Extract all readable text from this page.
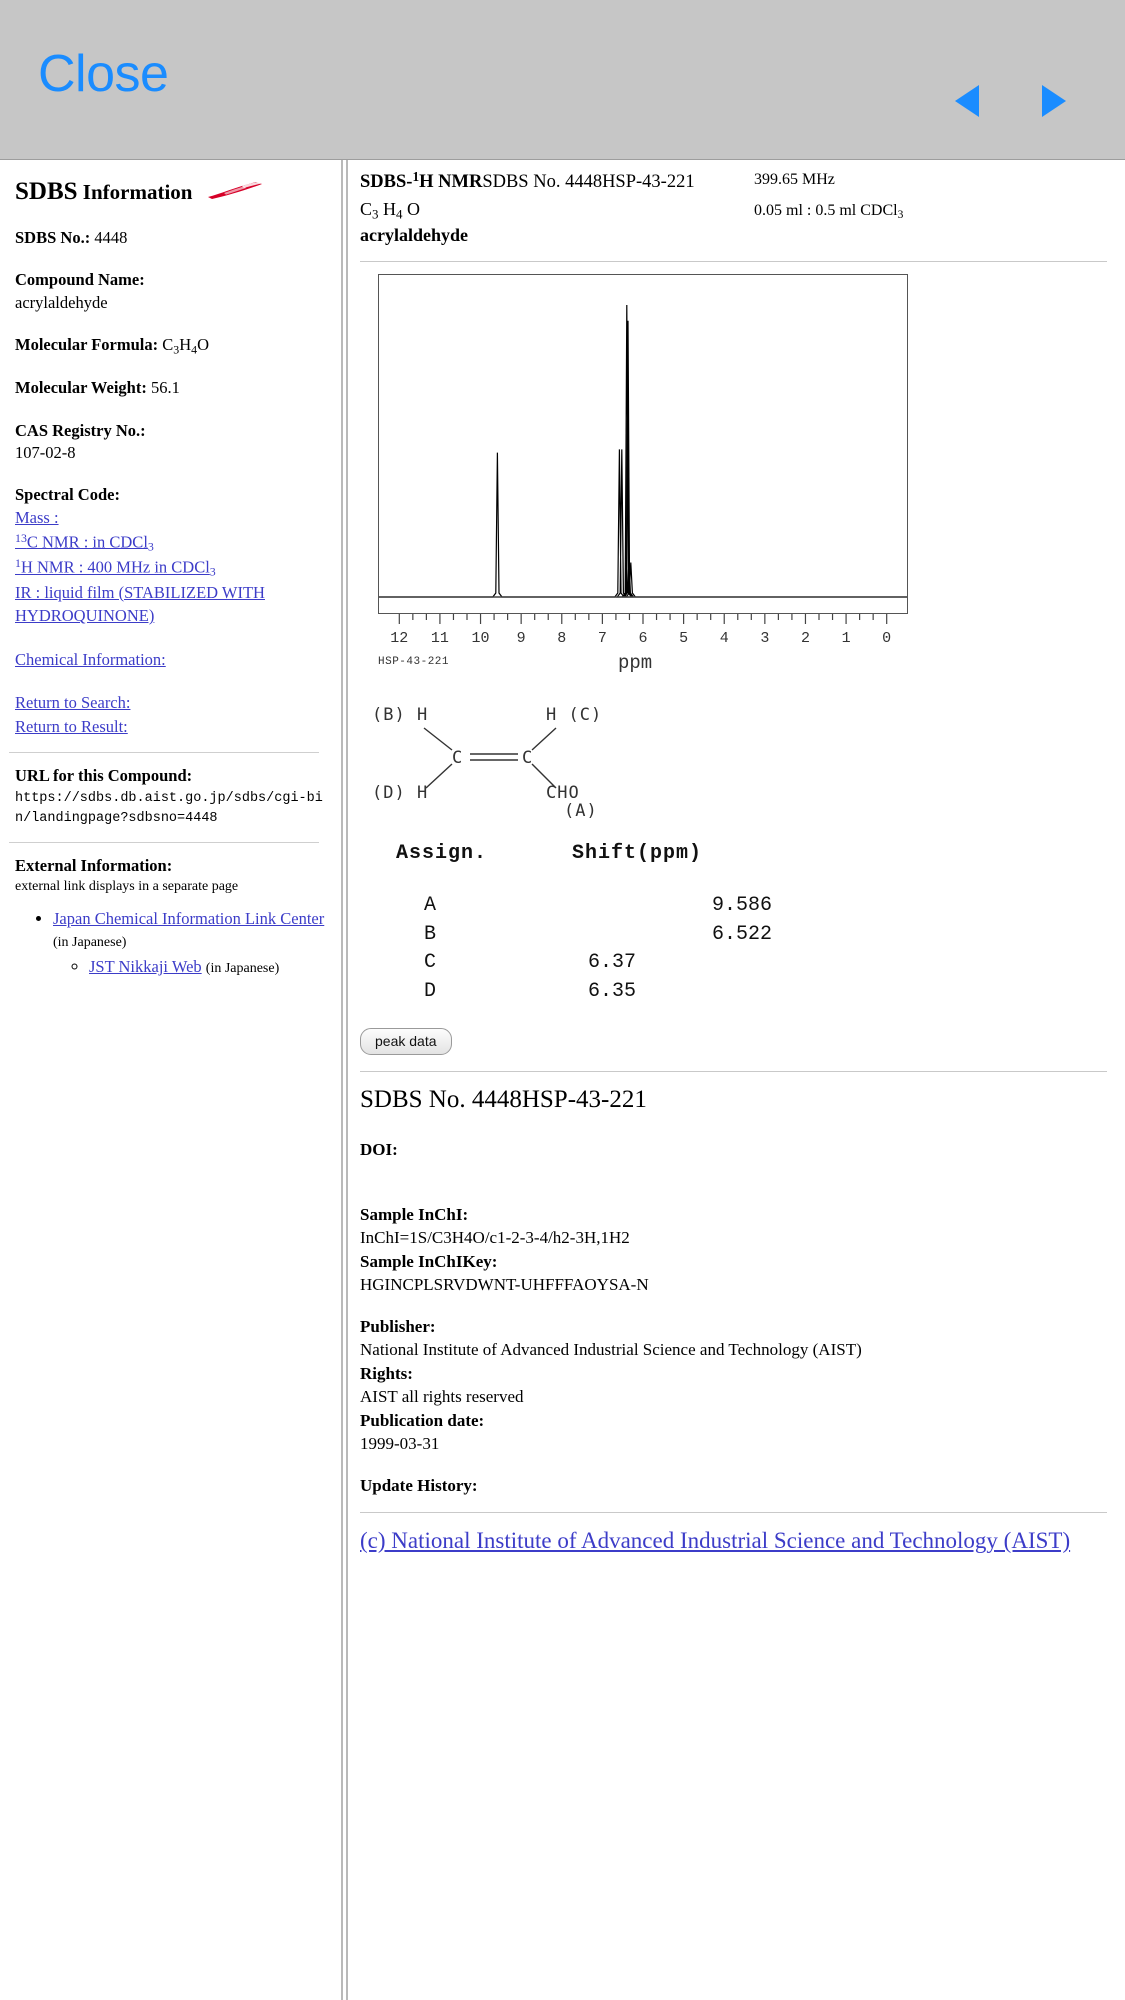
Close
SDBS Information
SDBS No.: 4448
Compound Name:
acrylaldehyde
Molecular Formula: $C_3H_4O$
Molecular Weight: 56.1
CAS Registry No.:
107-02-8
Spectral Code:
Mass :
$^{13}$C NMR : in CDCl$_3$
$^1$H NMR : 400 MHz in CDCl$_3$
IR : liquid film (STABILIZED WITH HYDROQUINONE)
Chemical Information:
Return to Search:
Return to Result:
URL for this Compound:
https://sdbs.db.aist.go.jp/sdbs/cgi-bin/landingpage?sdbsno=4448
External Information:
external link displays in a separate page
• Japan Chemical Information Link Center (in Japanese)
◦ JST Nikkaji Web (in Japanese)
SDBS-$^1$H NMRSDBS No. 4448HSP-43-221
$C_3$ $H_4$ O
399.65 MHz
0.05 ml : 0.5 ml CDCl$_3$
acrylaldehyde
12 11 10 9 8 7 6 5 4 3 2 1 0
ppm
HSP-43-221
(B) H	H (C)
(D) H
C	C
CHO
(A)
Assign.	Shift(ppm)
A	9.586
B	6.522
C	6.37
D	6.35
peak data
SDBS No. 4448HSP-43-221
DOI:

Sample InChI:
InChI=1S/C3H4O/c1-2-3-4/h2-3H,1H2
Sample InChIKey:
HGINCPLSRVDWNT-UHFFFAOYSA-N
Publisher:
National Institute of Advanced Industrial Science and Technology (AIST)
Rights:
AIST all rights reserved
Publication date:
1999-03-31
Update History:
(c) National Institute of Advanced Industrial Science and Technology (AIST)
